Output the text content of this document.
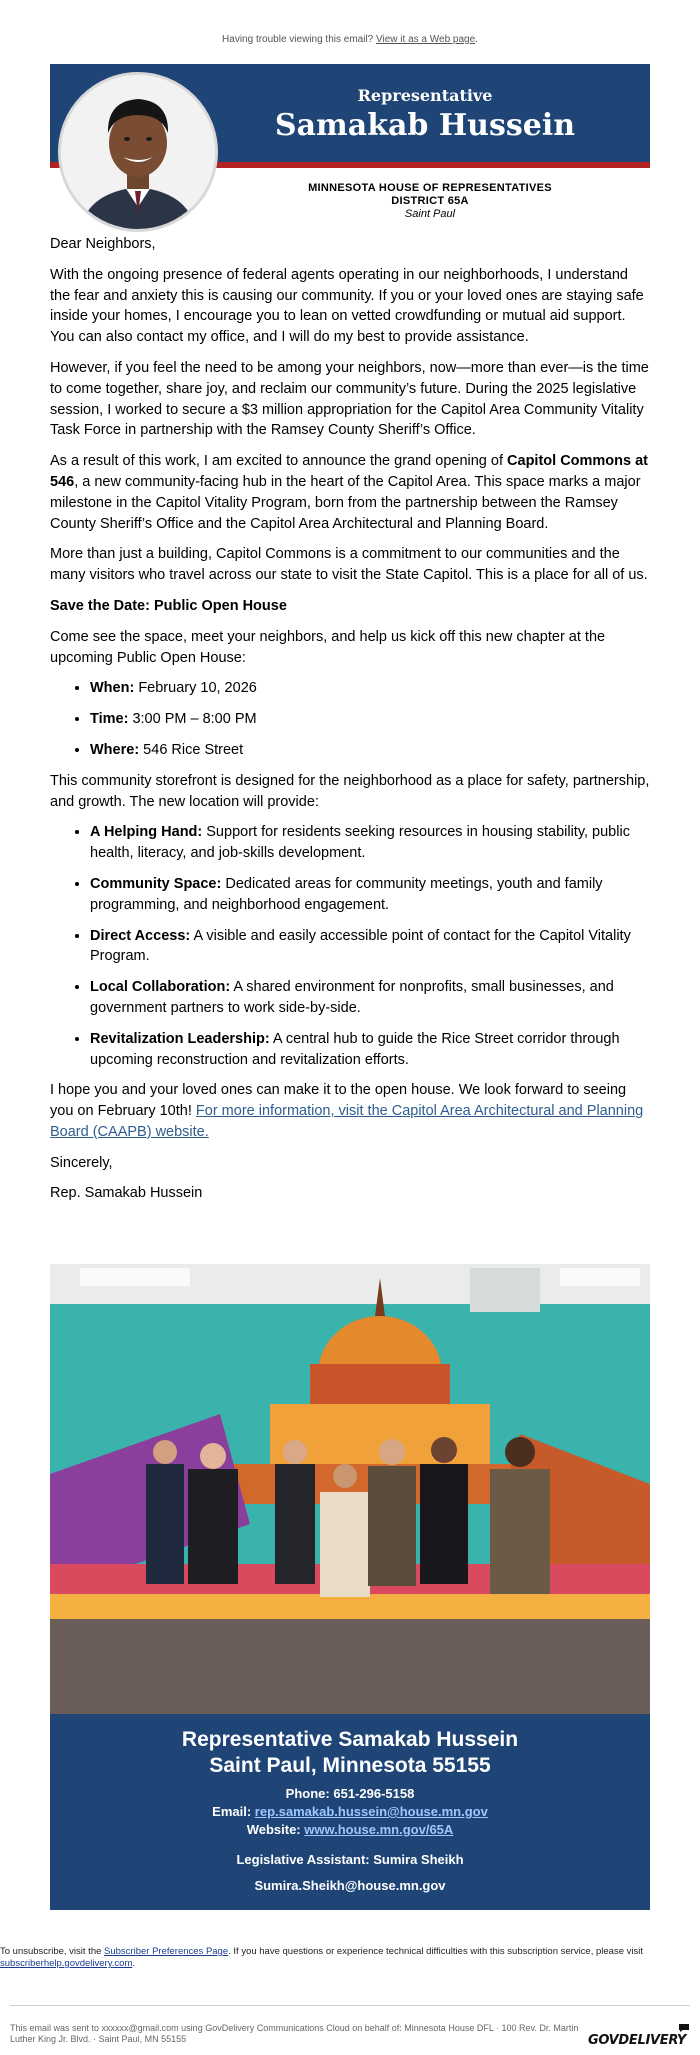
Having trouble viewing this email? View it as a Web page.
Representative
Samakab Hussein
MINNESOTA HOUSE OF REPRESENTATIVES
DISTRICT 65A
Saint Paul

Dear Neighbors,

With the ongoing presence of federal agents operating in our neighborhoods, I understand the fear and anxiety this is causing our community. If you or your loved ones are staying safe inside your homes, I encourage you to lean on vetted crowdfunding or mutual aid support. You can also contact my office, and I will do my best to provide assistance.

However, if you feel the need to be among your neighbors, now—more than ever—is the time to come together, share joy, and reclaim our community’s future. During the 2025 legislative session, I worked to secure a $3 million appropriation for the Capitol Area Community Vitality Task Force in partnership with the Ramsey County Sheriff’s Office.

As a result of this work, I am excited to announce the grand opening of Capitol Commons at 546, a new community-facing hub in the heart of the Capitol Area. This space marks a major milestone in the Capitol Vitality Program, born from the partnership between the Ramsey County Sheriff’s Office and the Capitol Area Architectural and Planning Board.

More than just a building, Capitol Commons is a commitment to our communities and the many visitors who travel across our state to visit the State Capitol. This is a place for all of us.

Save the Date: Public Open House

Come see the space, meet your neighbors, and help us kick off this new chapter at the upcoming Public Open House:

• When: February 10, 2026
• Time: 3:00 PM – 8:00 PM
• Where: 546 Rice Street

This community storefront is designed for the neighborhood as a place for safety, partnership, and growth. The new location will provide:

• A Helping Hand: Support for residents seeking resources in housing stability, public health, literacy, and job-skills development.
• Community Space: Dedicated areas for community meetings, youth and family programming, and neighborhood engagement.
• Direct Access: A visible and easily accessible point of contact for the Capitol Vitality Program.
• Local Collaboration: A shared environment for nonprofits, small businesses, and government partners to work side-by-side.
• Revitalization Leadership: A central hub to guide the Rice Street corridor through upcoming reconstruction and revitalization efforts.

I hope you and your loved ones can make it to the open house. We look forward to seeing you on February 10th! For more information, visit the Capitol Area Architectural and Planning Board (CAAPB) website.

Sincerely,

Rep. Samakab Hussein

Representative Samakab Hussein
Saint Paul, Minnesota 55155
Phone: 651-296-5158
Email: rep.samakab.hussein@house.mn.gov
Website: www.house.mn.gov/65A
Legislative Assistant: Sumira Sheikh
Sumira.Sheikh@house.mn.gov
To unsubscribe, visit the Subscriber Preferences Page. If you have questions or experience technical difficulties with this subscription service, please visit subscriberhelp.govdelivery.com.
This email was sent to xxxxxx@gmail.com using GovDelivery Communications Cloud on behalf of: Minnesota House DFL · 100 Rev. Dr. Martin Luther King Jr. Blvd. · Saint Paul, MN 55155	GOVDELIVERY
